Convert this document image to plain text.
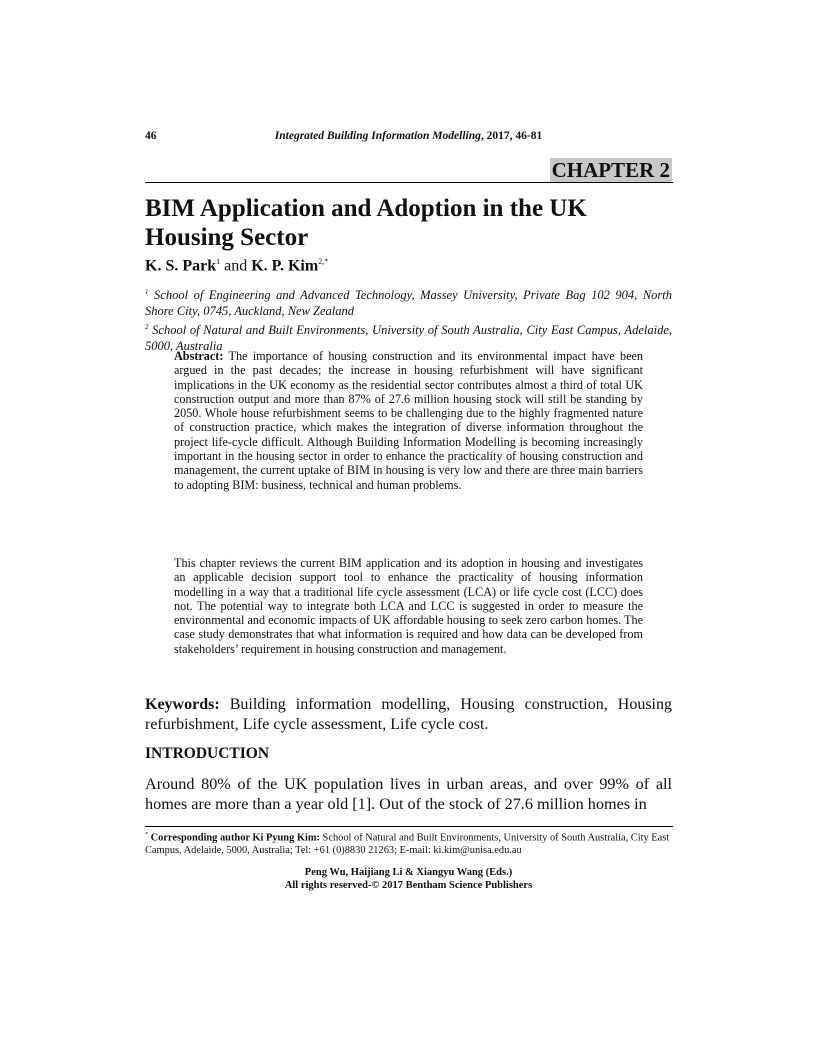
46	Integrated Building Information Modelling, 2017, 46-81
CHAPTER 2
BIM Application and Adoption in the UK Housing Sector
K. S. Park$^1$ and K. P. Kim$^{2,*}$
$^1$ School of Engineering and Advanced Technology, Massey University, Private Bag 102 904, North Shore City, 0745, Auckland, New Zealand
$^2$ School of Natural and Built Environments, University of South Australia, City East Campus, Adelaide, 5000, Australia
Abstract: The importance of housing construction and its environmental impact have been argued in the past decades; the increase in housing refurbishment will have significant implications in the UK economy as the residential sector contributes almost a third of total UK construction output and more than 87% of 27.6 million housing stock will still be standing by 2050. Whole house refurbishment seems to be challenging due to the highly fragmented nature of construction practice, which makes the integration of diverse information throughout the project life-cycle difficult. Although Building Information Modelling is becoming increasingly important in the housing sector in order to enhance the practicality of housing construction and management, the current uptake of BIM in housing is very low and there are three main barriers to adopting BIM: business, technical and human problems.
This chapter reviews the current BIM application and its adoption in housing and investigates an applicable decision support tool to enhance the practicality of housing information modelling in a way that a traditional life cycle assessment (LCA) or life cycle cost (LCC) does not. The potential way to integrate both LCA and LCC is suggested in order to measure the environmental and economic impacts of UK affordable housing to seek zero carbon homes. The case study demonstrates that what information is required and how data can be developed from stakeholders’ requirement in housing construction and management.
Keywords: Building information modelling, Housing construction, Housing refurbishment, Life cycle assessment, Life cycle cost.
INTRODUCTION
Around 80% of the UK population lives in urban areas, and over 99% of all homes are more than a year old [1]. Out of the stock of 27.6 million homes in
* Corresponding author Ki Pyung Kim: School of Natural and Built Environments, University of South Australia, City East Campus, Adelaide, 5000, Australia; Tel: +61 (0)8830 21263; E-mail: ki.kim@unisa.edu.au
Peng Wu, Haijiang Li & Xiangyu Wang (Eds.)
All rights reserved-© 2017 Bentham Science Publishers
